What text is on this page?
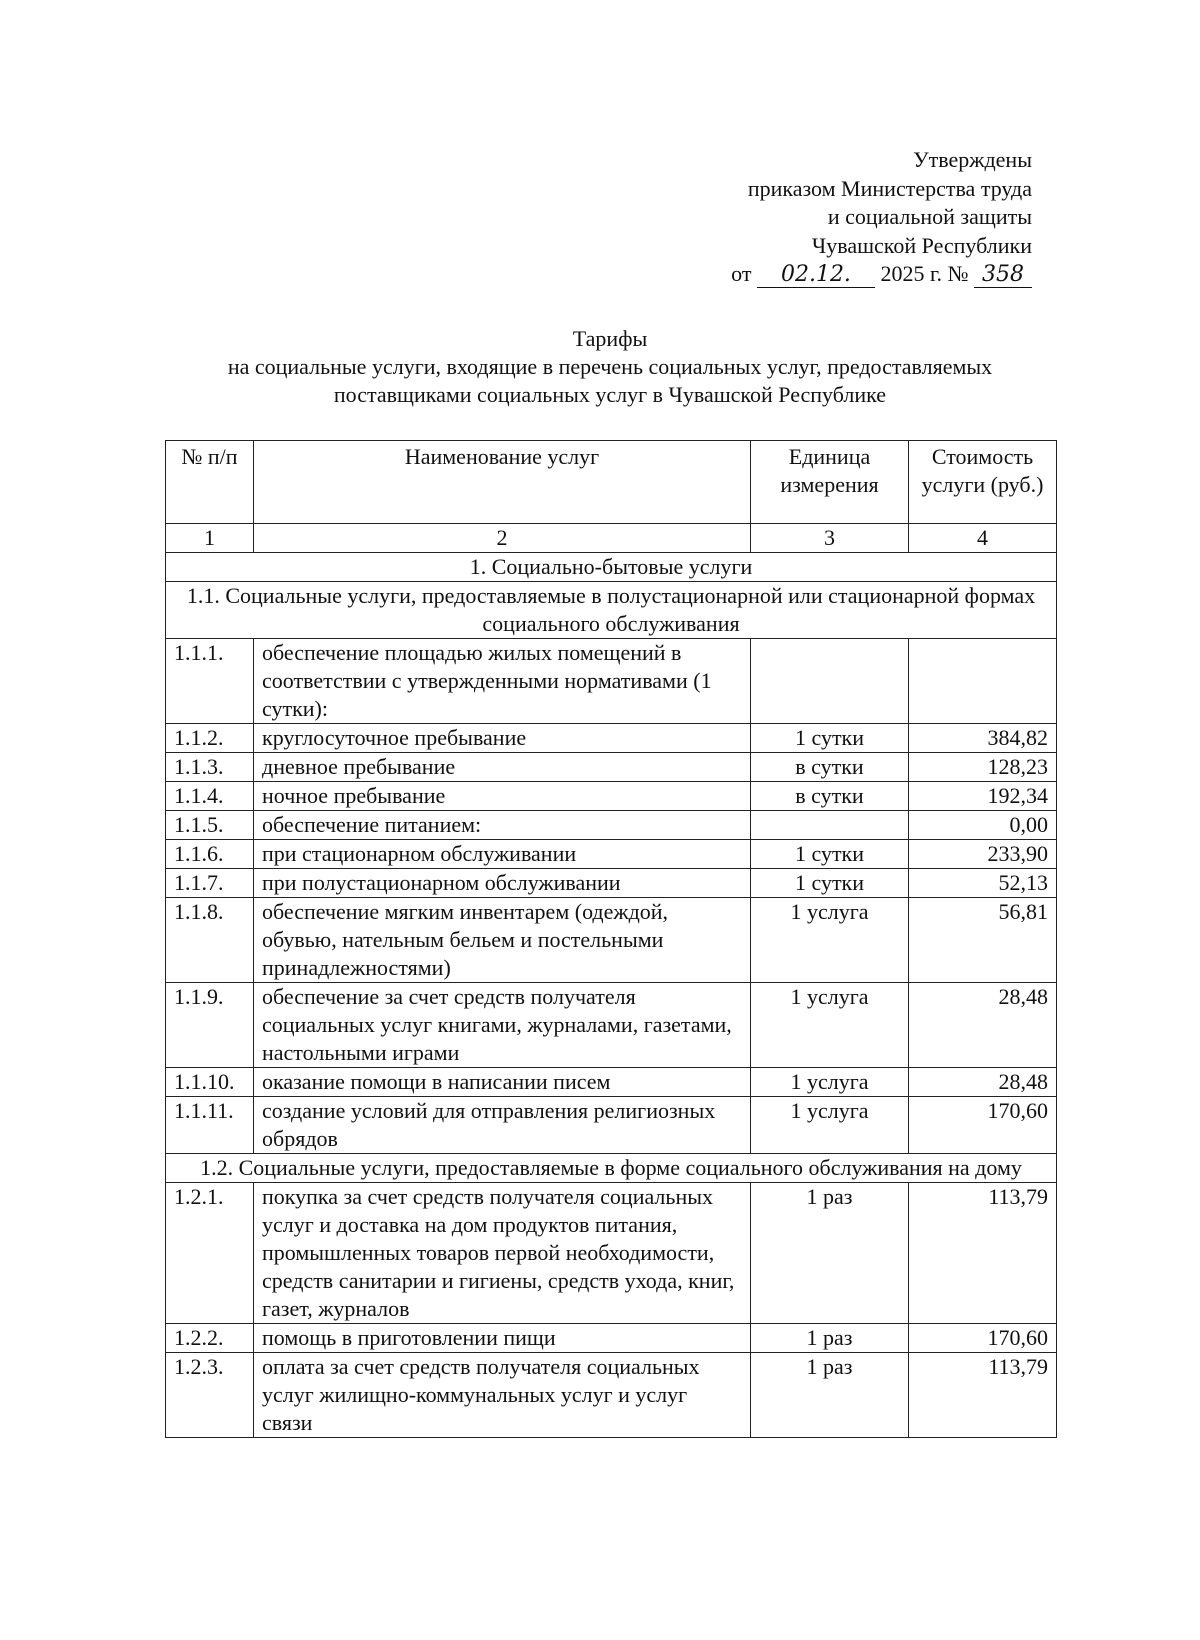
Утверждены
приказом Министерства труда
и социальной защиты
Чувашской Республики
от 02.12. 2025 г. № 358
Тарифы
на социальные услуги, входящие в перечень социальных услуг, предоставляемых
поставщиками социальных услуг в Чувашской Республике
№ п/п	Наименование услуг	Единица измерения	Стоимость услуги (руб.)
1	2	3	4
1. Социально-бытовые услуги			
1.1. Социальные услуги, предоставляемые в полустационарной или стационарной формах социального обслуживания			
1.1.1.	обеспечение площадью жилых помещений в соответствии с утвержденными нормативами (1 сутки):		
1.1.2.	круглосуточное пребывание	1 сутки	384,82
1.1.3.	дневное пребывание	в сутки	128,23
1.1.4.	ночное пребывание	в сутки	192,34
1.1.5.	обеспечение питанием:		0,00
1.1.6.	при стационарном обслуживании	1 сутки	233,90
1.1.7.	при полустационарном обслуживании	1 сутки	52,13
1.1.8.	обеспечение мягким инвентарем (одеждой, обувью, нательным бельем и постельными принадлежностями)	1 услуга	56,81
1.1.9.	обеспечение за счет средств получателя социальных услуг книгами, журналами, газетами, настольными играми	1 услуга	28,48
1.1.10.	оказание помощи в написании писем	1 услуга	28,48
1.1.11.	создание условий для отправления религиозных обрядов	1 услуга	170,60
1.2. Социальные услуги, предоставляемые в форме социального обслуживания на дому			
1.2.1.	покупка за счет средств получателя социальных услуг и доставка на дом продуктов питания, промышленных товаров первой необходимости, средств санитарии и гигиены, средств ухода, книг, газет, журналов	1 раз	113,79
1.2.2.	помощь в приготовлении пищи	1 раз	170,60
1.2.3.	оплата за счет средств получателя социальных услуг жилищно-коммунальных услуг и услуг связи	1 раз	113,79
